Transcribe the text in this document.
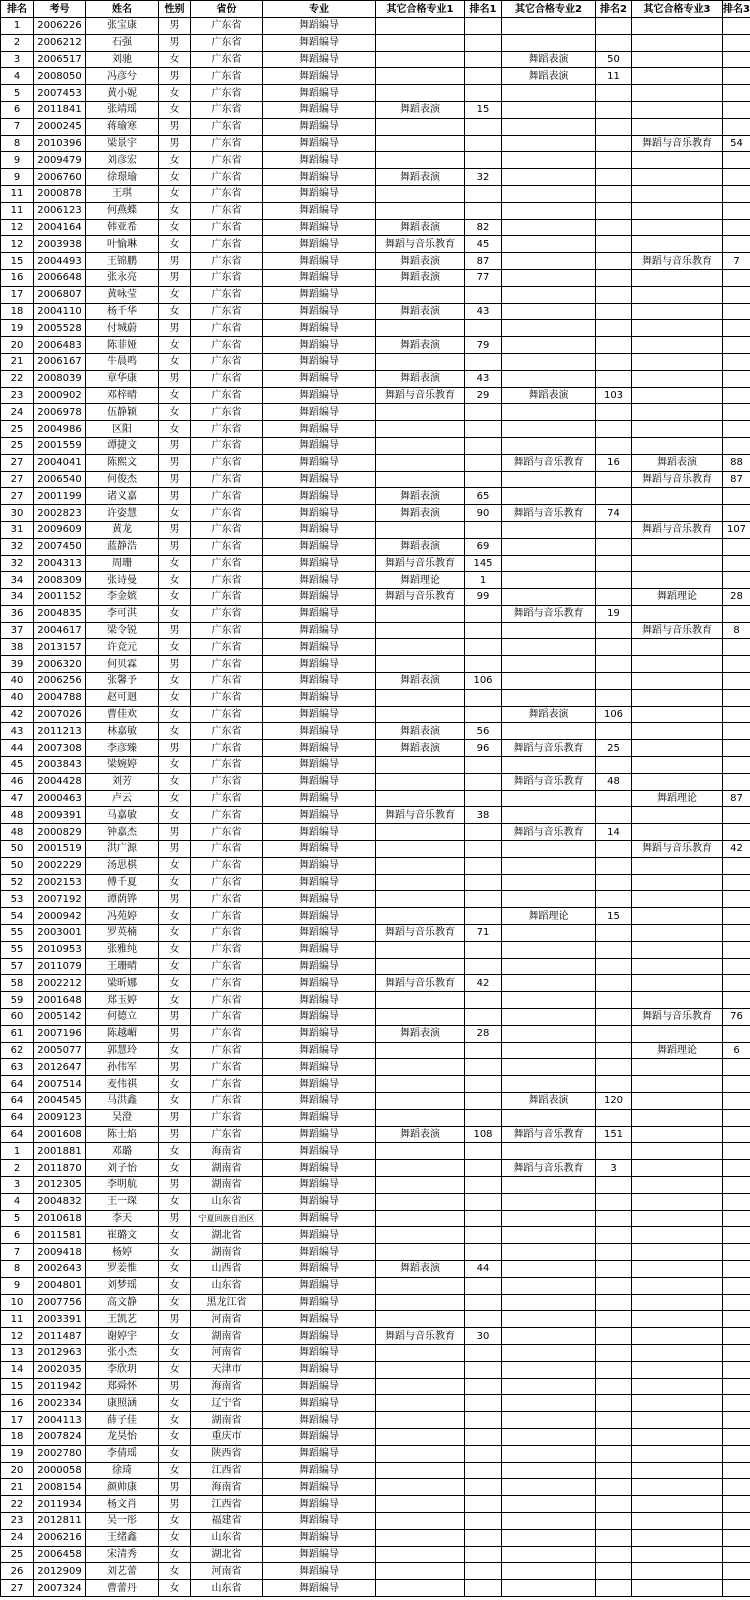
排名	考号	姓名	性别	省份	专业	其它合格专业1	排名1	其它合格专业2	排名2	其它合格专业3	排名3
1	2006226	张宝康	男	广东省	舞蹈编导						
2	2006212	石强	男	广东省	舞蹈编导						
3	2006517	刘驰	女	广东省	舞蹈编导			舞蹈表演	50		
4	2008050	冯彦兮	男	广东省	舞蹈编导			舞蹈表演	11		
5	2007453	黄小妮	女	广东省	舞蹈编导						
6	2011841	张靖瑶	女	广东省	舞蹈编导	舞蹈表演	15				
7	2000245	蒋瑜寒	男	广东省	舞蹈编导						
8	2010396	梁景宇	男	广东省	舞蹈编导					舞蹈与音乐教育	54
9	2009479	刘彦宏	女	广东省	舞蹈编导						
9	2006760	徐璟瑜	女	广东省	舞蹈编导	舞蹈表演	32				
11	2000878	王琪	女	广东省	舞蹈编导						
11	2006123	何燕蝶	女	广东省	舞蹈编导						
12	2004164	韩亚希	女	广东省	舞蹈编导	舞蹈表演	82				
12	2003938	叶愉琳	女	广东省	舞蹈编导	舞蹈与音乐教育	45				
15	2004493	王锦鹏	男	广东省	舞蹈编导	舞蹈表演	87			舞蹈与音乐教育	7
16	2006648	张永亮	男	广东省	舞蹈编导	舞蹈表演	77				
17	2006807	黄咏莹	女	广东省	舞蹈编导						
18	2004110	杨千华	女	广东省	舞蹈编导	舞蹈表演	43				
19	2005528	付城蔚	男	广东省	舞蹈编导						
20	2006483	陈菲娅	女	广东省	舞蹈编导	舞蹈表演	79				
21	2006167	牛晨鸣	女	广东省	舞蹈编导						
22	2008039	章华康	男	广东省	舞蹈编导	舞蹈表演	43				
23	2000902	邓梓晴	女	广东省	舞蹈编导	舞蹈与音乐教育	29	舞蹈表演	103		
24	2006978	伍静颖	女	广东省	舞蹈编导						
25	2004986	区阳	女	广东省	舞蹈编导						
25	2001559	谭捷文	男	广东省	舞蹈编导						
27	2004041	陈熙文	男	广东省	舞蹈编导			舞蹈与音乐教育	16	舞蹈表演	88
27	2006540	何俊杰	男	广东省	舞蹈编导					舞蹈与音乐教育	87
27	2001199	诸义嘉	男	广东省	舞蹈编导	舞蹈表演	65				
30	2002823	许姿慧	女	广东省	舞蹈编导	舞蹈表演	90	舞蹈与音乐教育	74		
31	2009609	黄龙	男	广东省	舞蹈编导					舞蹈与音乐教育	107
32	2007450	蓝静浩	男	广东省	舞蹈编导	舞蹈表演	69				
32	2004313	周珊	女	广东省	舞蹈编导	舞蹈与音乐教育	145				
34	2008309	张诗曼	女	广东省	舞蹈编导	舞蹈理论	1				
34	2001152	李金嫔	女	广东省	舞蹈编导	舞蹈与音乐教育	99			舞蹈理论	28
36	2004835	李可淇	女	广东省	舞蹈编导			舞蹈与音乐教育	19		
37	2004617	梁令锐	男	广东省	舞蹈编导					舞蹈与音乐教育	8
38	2013157	许竞元	女	广东省	舞蹈编导						
39	2006320	何贝霖	男	广东省	舞蹈编导						
40	2006256	张馨予	女	广东省	舞蹈编导	舞蹈表演	106				
40	2004788	赵可迥	女	广东省	舞蹈编导						
42	2007026	曹佳欢	女	广东省	舞蹈编导			舞蹈表演	106		
43	2011213	林嘉敏	女	广东省	舞蹈编导	舞蹈表演	56				
44	2007308	李彦臻	男	广东省	舞蹈编导	舞蹈表演	96	舞蹈与音乐教育	25		
45	2003843	梁婉婷	女	广东省	舞蹈编导						
46	2004428	刘芳	女	广东省	舞蹈编导			舞蹈与音乐教育	48		
47	2000463	卢云	女	广东省	舞蹈编导					舞蹈理论	87
48	2009391	马嘉敏	女	广东省	舞蹈编导	舞蹈与音乐教育	38				
48	2000829	钟嘉杰	男	广东省	舞蹈编导			舞蹈与音乐教育	14		
50	2001519	洪广源	男	广东省	舞蹈编导					舞蹈与音乐教育	42
50	2002229	汤思棋	女	广东省	舞蹈编导						
52	2002153	傅千夏	女	广东省	舞蹈编导						
53	2007192	谭荫铧	男	广东省	舞蹈编导						
54	2000942	冯苑婷	女	广东省	舞蹈编导			舞蹈理论	15		
55	2003001	罗英楠	女	广东省	舞蹈编导	舞蹈与音乐教育	71				
55	2010953	张雅纯	女	广东省	舞蹈编导						
57	2011079	王珊晴	女	广东省	舞蹈编导						
58	2002212	梁昕娜	女	广东省	舞蹈编导	舞蹈与音乐教育	42				
59	2001648	郑玉婷	女	广东省	舞蹈编导						
60	2005142	何德立	男	广东省	舞蹈编导					舞蹈与音乐教育	76
61	2007196	陈越嵋	男	广东省	舞蹈编导	舞蹈表演	28				
62	2005077	郭慧玲	女	广东省	舞蹈编导					舞蹈理论	6
63	2012647	孙伟军	男	广东省	舞蹈编导						
64	2007514	麦伟祺	女	广东省	舞蹈编导						
64	2004545	马洪鑫	女	广东省	舞蹈编导			舞蹈表演	120		
64	2009123	吴澄	男	广东省	舞蹈编导						
64	2001608	陈士焰	男	广东省	舞蹈编导	舞蹈表演	108	舞蹈与音乐教育	151		
1	2001881	邓璐	女	海南省	舞蹈编导						
2	2011870	刘子怡	女	湖南省	舞蹈编导			舞蹈与音乐教育	3		
3	2012305	李明航	男	湖南省	舞蹈编导						
4	2004832	王一琛	女	山东省	舞蹈编导						
5	2010618	李天	男	宁夏回族自治区	舞蹈编导						
6	2011581	崔璐文	女	湖北省	舞蹈编导						
7	2009418	杨婷	女	湖南省	舞蹈编导						
8	2002643	罗姜惟	女	山西省	舞蹈编导	舞蹈表演	44				
9	2004801	刘梦瑶	女	山东省	舞蹈编导						
10	2007756	高文静	女	黑龙江省	舞蹈编导						
11	2003391	王凯艺	男	河南省	舞蹈编导						
12	2011487	谢婷宇	女	湖南省	舞蹈编导	舞蹈与音乐教育	30				
13	2012963	张小杰	女	河南省	舞蹈编导						
14	2002035	李欣玥	女	天津市	舞蹈编导						
15	2011942	郑舜怀	男	海南省	舞蹈编导						
16	2002334	康照涵	女	辽宁省	舞蹈编导						
17	2004113	薛子佳	女	湖南省	舞蹈编导						
18	2007824	龙昊怡	女	重庆市	舞蹈编导						
19	2002780	李倩瑶	女	陕西省	舞蹈编导						
20	2000058	徐琦	女	江西省	舞蹈编导						
21	2008154	颜帅康	男	海南省	舞蹈编导						
22	2011934	杨文肖	男	江西省	舞蹈编导						
23	2012811	吴一彤	女	福建省	舞蹈编导						
24	2006216	王绪鑫	女	山东省	舞蹈编导						
25	2006458	宋清秀	女	湖北省	舞蹈编导						
26	2012909	刘艺蕾	女	河南省	舞蹈编导						
27	2007324	曹蕾丹	女	山东省	舞蹈编导						
